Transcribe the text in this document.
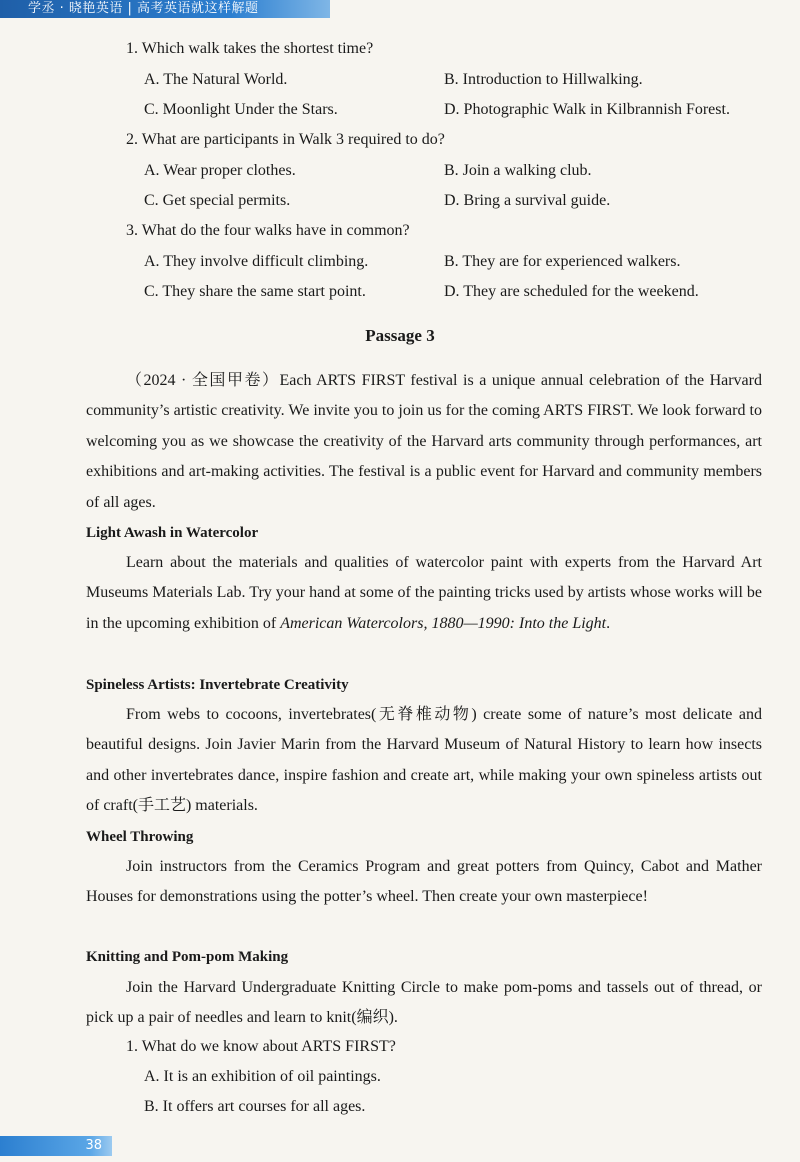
学丞 · 晓艳英语 | 高考英语就这样解题
1. Which walk takes the shortest time?
A. The Natural World.	B. Introduction to Hillwalking.
C. Moonlight Under the Stars.	D. Photographic Walk in Kilbrannish Forest.
2. What are participants in Walk 3 required to do?
A. Wear proper clothes.	B. Join a walking club.
C. Get special permits.	D. Bring a survival guide.
3. What do the four walks have in common?
A. They involve difficult climbing.	B. They are for experienced walkers.
C. They share the same start point.	D. They are scheduled for the weekend.
Passage 3
（2024 · 全国甲卷）Each ARTS FIRST festival is a unique annual celebration of the Harvard community’s artistic creativity. We invite you to join us for the coming ARTS FIRST. We look forward to welcoming you as we showcase the creativity of the Harvard arts community through performances, art exhibitions and art-making activities. The festival is a public event for Harvard and community members of all ages.
Light Awash in Watercolor
Learn about the materials and qualities of watercolor paint with experts from the Harvard Art Museums Materials Lab. Try your hand at some of the painting tricks used by artists whose works will be in the upcoming exhibition of American Watercolors, 1880—1990: Into the Light.
Spineless Artists: Invertebrate Creativity
From webs to cocoons, invertebrates(无脊椎动物) create some of nature’s most delicate and beautiful designs. Join Javier Marin from the Harvard Museum of Natural History to learn how insects and other invertebrates dance, inspire fashion and create art, while making your own spineless artists out of craft(手工艺) materials.
Wheel Throwing
Join instructors from the Ceramics Program and great potters from Quincy, Cabot and Mather Houses for demonstrations using the potter’s wheel. Then create your own masterpiece!
Knitting and Pom-pom Making
Join the Harvard Undergraduate Knitting Circle to make pom-poms and tassels out of thread, or pick up a pair of needles and learn to knit(编织).
1. What do we know about ARTS FIRST?
A. It is an exhibition of oil paintings.
B. It offers art courses for all ages.
38
